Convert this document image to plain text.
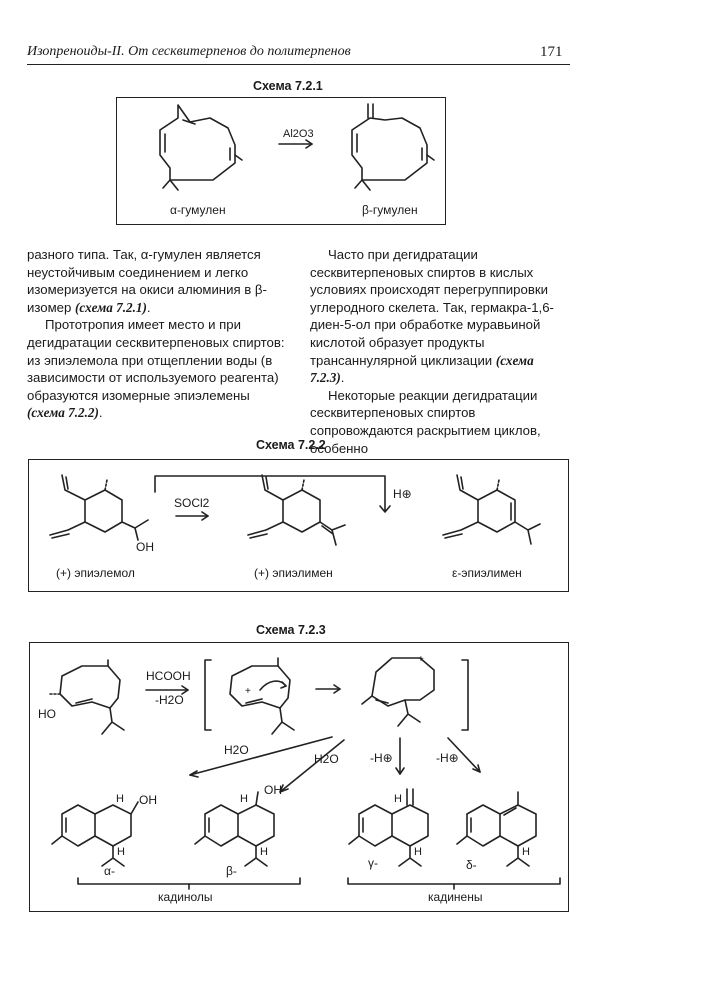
Изопреноиды-II. От сесквитерпенов до политерпенов	171
Схема 7.2.1
Al2O3
α-гумулен	β-гумулен

разного типа. Так, α-гумулен является неустойчивым соединением и легко изомеризуется на окиси алюминия в β-изомер (схема 7.2.1).

Прототропия имеет место и при дегидратации сесквитерпеновых спиртов: из эпиэлемола при отщеплении воды (в зависимости от используемого реагента) образуются изомерные эпиэлемены (схема 7.2.2).

Часто при дегидратации сесквитерпеновых спиртов в кислых условиях происходят перегруппировки углеродного скелета. Так, гермакра-1,6-диен-5-ол при обработке муравьиной кислотой образует продукты трансаннулярной циклизации (схема 7.2.3).

Некоторые реакции дегидратации сесквитерпеновых спиртов сопровождаются раскрытием циклов, особенно

Схема 7.2.2
SOCl2
H⊕
OH
(+) эпиэлемол	(+) эпиэлимен	ε-эпиэлимен
Схема 7.2.3
HCOOH
-H2O
HO
+
+
H2O
H2O	-H⊕	-H⊕
OH
OH
H
H
H
H
H
H	H
α-	β-
γ-	δ-
кадинолы	кадинены
